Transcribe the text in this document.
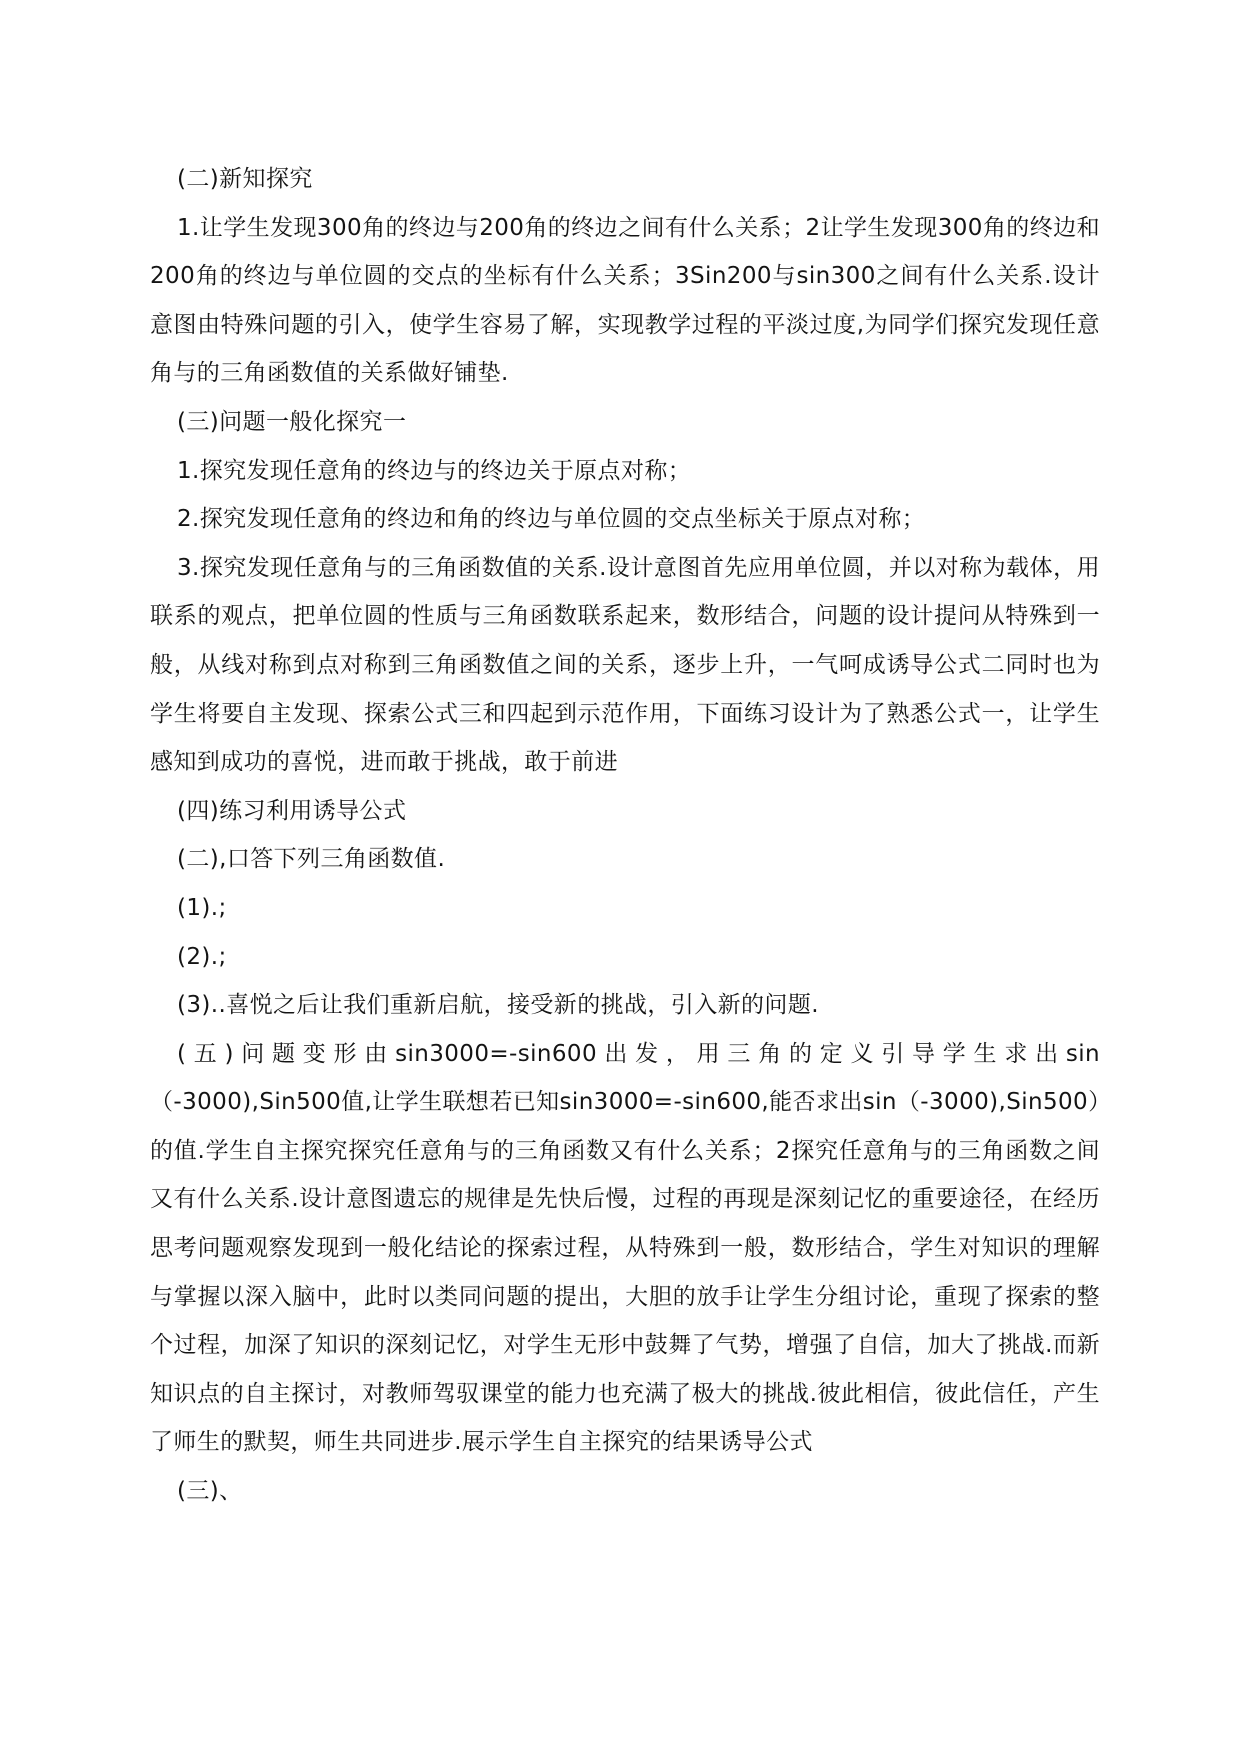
(二)新知探究

1.让学生发现300角的终边与200角的终边之间有什么关系；2让学生发现300角的终边和200角的终边与单位圆的交点的坐标有什么关系；3Sin200与sin300之间有什么关系.设计意图由特殊问题的引入，使学生容易了解，实现教学过程的平淡过度,为同学们探究发现任意角与的三角函数值的关系做好铺垫.

(三)问题一般化探究一

1.探究发现任意角的终边与的终边关于原点对称；

2.探究发现任意角的终边和角的终边与单位圆的交点坐标关于原点对称；

3.探究发现任意角与的三角函数值的关系.设计意图首先应用单位圆，并以对称为载体，用联系的观点，把单位圆的性质与三角函数联系起来，数形结合，问题的设计提问从特殊到一般，从线对称到点对称到三角函数值之间的关系，逐步上升，一气呵成诱导公式二同时也为学生将要自主发现、探索公式三和四起到示范作用，下面练习设计为了熟悉公式一，让学生感知到成功的喜悦，进而敢于挑战，敢于前进

(四)练习利用诱导公式

(二),口答下列三角函数值.

(1).;

(2).;

(3)..喜悦之后让我们重新启航，接受新的挑战，引入新的问题.

(五)问题变形由sin3000=-sin600出发，用三角的定义引导学生求出sin（-3000),Sin500值,让学生联想若已知sin3000=-sin600,能否求出sin（-3000),Sin500）的值.学生自主探究探究任意角与的三角函数又有什么关系；2探究任意角与的三角函数之间又有什么关系.设计意图遗忘的规律是先快后慢，过程的再现是深刻记忆的重要途径，在经历思考问题观察发现到一般化结论的探索过程，从特殊到一般，数形结合，学生对知识的理解与掌握以深入脑中，此时以类同问题的提出，大胆的放手让学生分组讨论，重现了探索的整个过程，加深了知识的深刻记忆，对学生无形中鼓舞了气势，增强了自信，加大了挑战.而新知识点的自主探讨，对教师驾驭课堂的能力也充满了极大的挑战.彼此相信，彼此信任，产生了师生的默契，师生共同进步.展示学生自主探究的结果诱导公式

(三)、
